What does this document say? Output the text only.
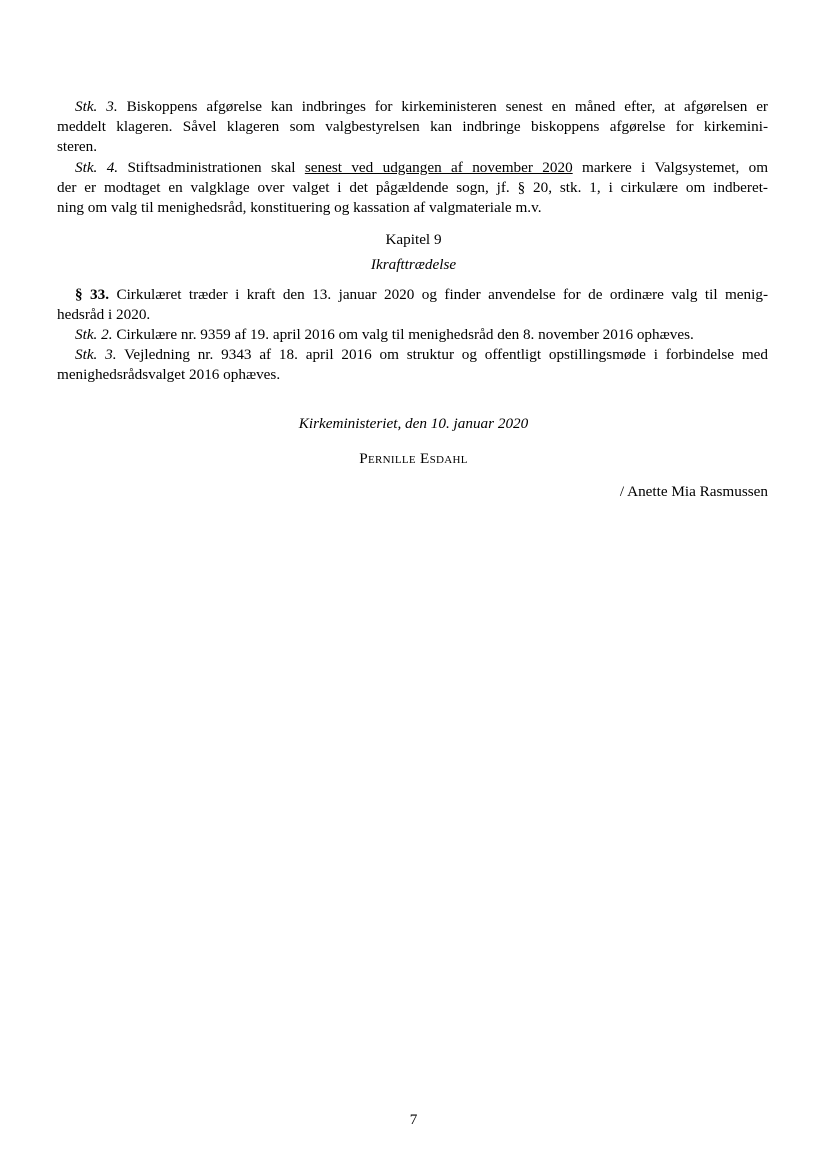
Stk. 3. Biskoppens afgørelse kan indbringes for kirkeministeren senest en måned efter, at afgørelsen er
meddelt klageren. Såvel klageren som valgbestyrelsen kan indbringe biskoppens afgørelse for kirkemini-
steren.
Stk. 4. Stiftsadministrationen skal senest ved udgangen af november 2020 markere i Valgsystemet, om
der er modtaget en valgklage over valget i det pågældende sogn, jf. § 20, stk. 1, i cirkulære om indberet-
ning om valg til menighedsråd, konstituering og kassation af valgmateriale m.v.
Kapitel 9
Ikrafttrædelse
§ 33. Cirkulæret træder i kraft den 13. januar 2020 og finder anvendelse for de ordinære valg til menig-
hedsråd i 2020.
Stk. 2. Cirkulære nr. 9359 af 19. april 2016 om valg til menighedsråd den 8. november 2016 ophæves.
Stk. 3. Vejledning nr. 9343 af 18. april 2016 om struktur og offentligt opstillingsmøde i forbindelse med
menighedsrådsvalget 2016 ophæves.
Kirkeministeriet, den 10. januar 2020
Pernille Esdahl
/ Anette Mia Rasmussen
7
